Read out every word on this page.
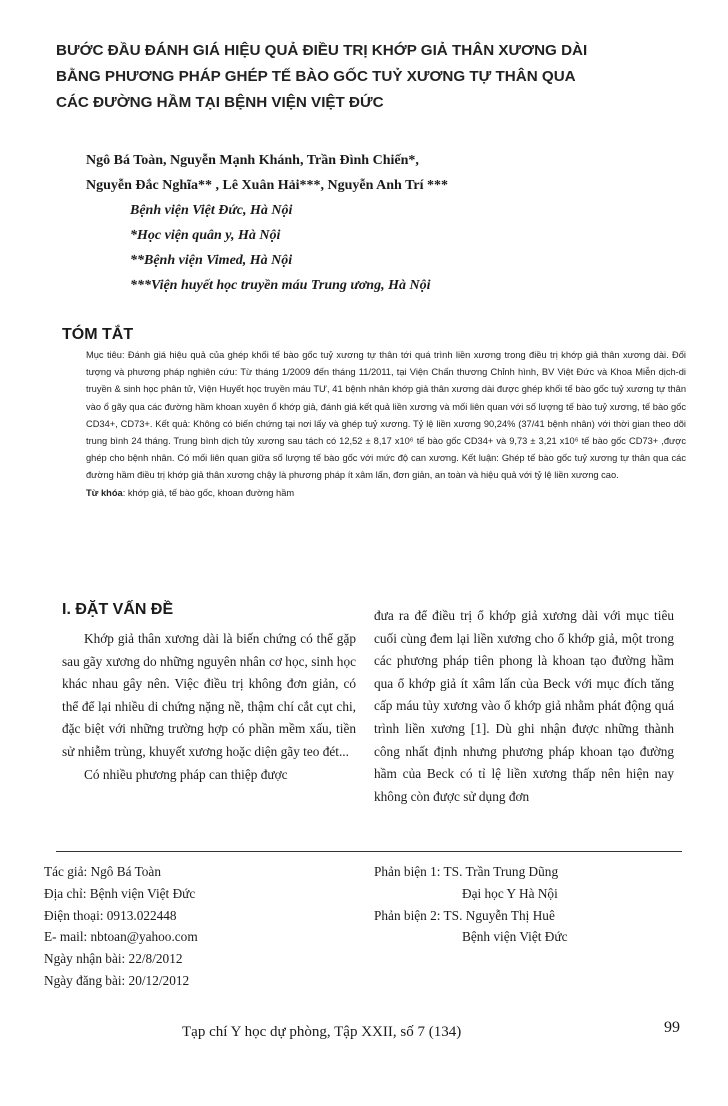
BƯỚC ĐẦU ĐÁNH GIÁ HIỆU QUẢ ĐIỀU TRỊ KHỚP GIẢ THÂN XƯƠNG DÀI
BẰNG PHƯƠNG PHÁP GHÉP TẾ BÀO GỐC TUỶ XƯƠNG TỰ THÂN QUA
CÁC ĐƯỜNG HẦM TẠI BỆNH VIỆN VIỆT ĐỨC
Ngô Bá Toàn, Nguyễn Mạnh Khánh, Trần Đình Chiến*,
Nguyễn Đắc Nghĩa** , Lê Xuân Hải***, Nguyễn Anh Trí ***
Bệnh viện Việt Đức, Hà Nội
*Học viện quân y, Hà Nội
**Bệnh viện Vimed, Hà Nội
***Viện huyết học truyền máu Trung ương, Hà Nội
TÓM TẮT

Mục tiêu: Đánh giá hiệu quả của ghép khối tế bào gốc tuỷ xương tự thân tới quá trình liền xương trong điều trị khớp giả thân xương dài. Đối tượng và phương pháp nghiên cứu: Từ tháng 1/2009 đến tháng 11/2011, tại Viện Chấn thương Chỉnh hình, BV Việt Đức và Khoa Miễn dịch-di truyền & sinh học phân tử, Viện Huyết học truyền máu TƯ, 41 bệnh nhân khớp giả thân xương dài được ghép khối tế bào gốc tuỷ xương tự thân vào ổ gãy qua các đường hầm khoan xuyên ổ khớp giả, đánh giá kết quả liền xương và mối liên quan với số lượng tế bào tuỷ xương, tế bào gốc CD34+, CD73+. Kết quả: Không có biến chứng tại nơi lấy và ghép tuỷ xương. Tỷ lệ liền xương 90,24% (37/41 bệnh nhân) với thời gian theo dõi trung bình 24 tháng. Trung bình dịch tủy xương sau tách có 12,52 ± 8,17 x10⁶ tế bào gốc CD34+ và 9,73 ± 3,21 x10⁶ tế bào gốc CD73+ ,được ghép cho bệnh nhân. Có mối liên quan giữa số lượng tế bào gốc với mức độ can xương. Kết luận: Ghép tế bào gốc tuỷ xương tự thân qua các đường hầm điều trị khớp giả thân xương chậy là phương pháp ít xâm lấn, đơn giản, an toàn và hiệu quả với tỷ lệ liền xương cao.

Từ khóa: khớp giả, tế bào gốc, khoan đường hầm
I. ĐẶT VẤN ĐỀ

Khớp giả thân xương dài là biến chứng có thể gặp sau gãy xương do những nguyên nhân cơ học, sinh học khác nhau gây nên. Việc điều trị không đơn giản, có thể để lại nhiều di chứng nặng nề, thậm chí cắt cụt chi, đặc biệt với những trường hợp có phần mềm xấu, tiền sử nhiễm trùng, khuyết xương hoặc diện gãy teo đét...

Có nhiều phương pháp can thiệp được

đưa ra để điều trị ổ khớp giả xương dài với mục tiêu cuối cùng đem lại liền xương cho ổ khớp giả, một trong các phương pháp tiên phong là khoan tạo đường hầm qua ổ khớp giả ít xâm lấn của Beck với mục đích tăng cấp máu tủy xương vào ổ khớp giả nhằm phát động quá trình liền xương [1]. Dù ghi nhận được những thành công nhất định nhưng phương pháp khoan tạo đường hầm của Beck có tỉ lệ liền xương thấp nên hiện nay không còn được sử dụng đơn

Tác giả: Ngô Bá Toàn
Địa chỉ: Bệnh viện Việt Đức
Điện thoại: 0913.022448
E- mail: nbtoan@yahoo.com
Ngày nhận bài: 22/8/2012
Ngày đăng bài: 20/12/2012
Phản biện 1: TS. Trần Trung Dũng
Đại học Y Hà Nội
Phản biện 2: TS. Nguyễn Thị Huê
Bệnh viện Việt Đức
Tạp chí Y học dự phòng, Tập XXII, số 7 (134)	99
